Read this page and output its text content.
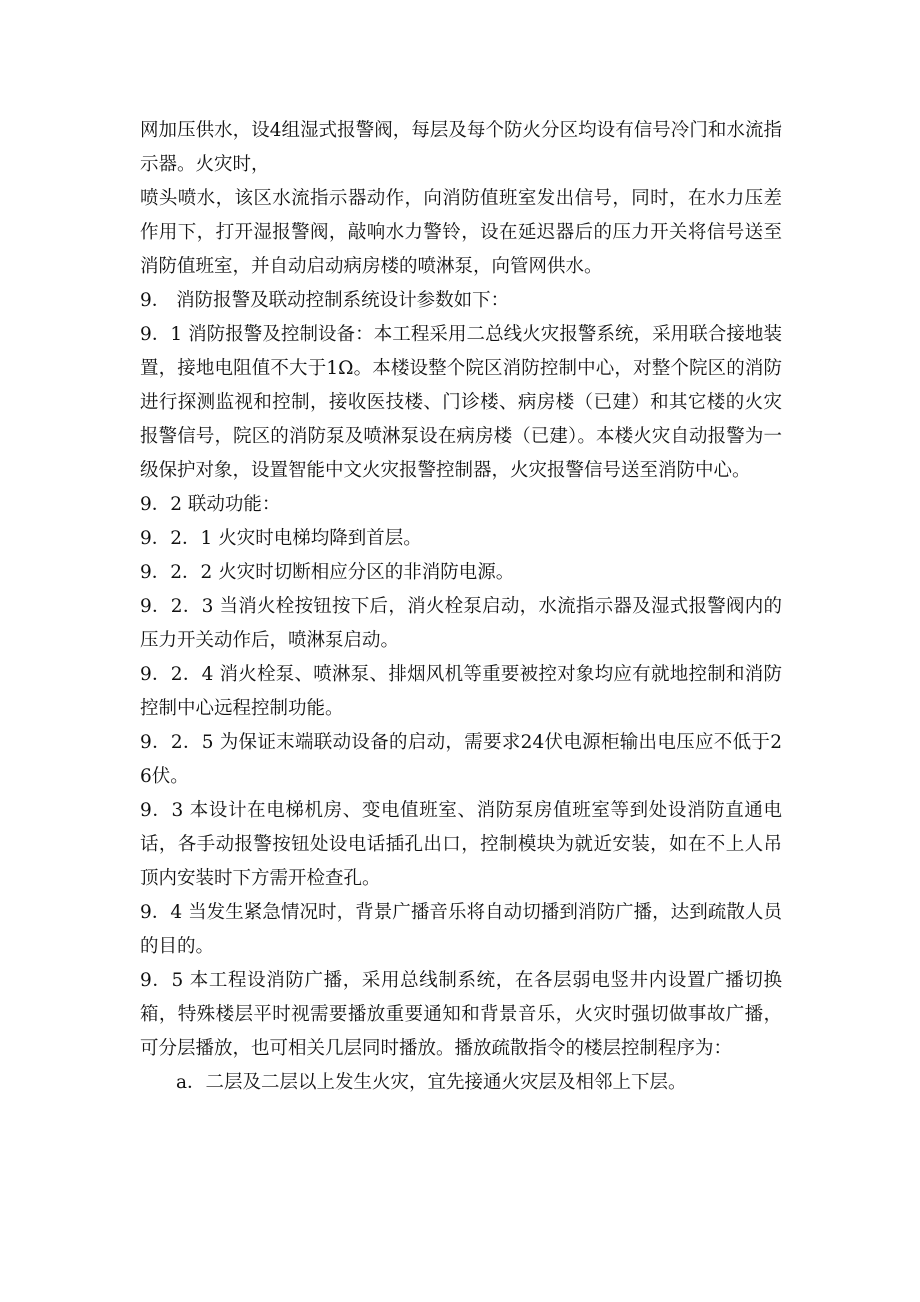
网加压供水，设4组湿式报警阀，每层及每个防火分区均设有信号冷门和水流指示器。火灾时，

喷头喷水，该区水流指示器动作，向消防值班室发出信号，同时，在水力压差作用下，打开湿报警阀，敲响水力警铃，设在延迟器后的压力开关将信号送至消防值班室，并自动启动病房楼的喷淋泵，向管网供水。

9． 消防报警及联动控制系统设计参数如下：

9．1 消防报警及控制设备：本工程采用二总线火灾报警系统，采用联合接地装置，接地电阻值不大于1Ω。本楼设整个院区消防控制中心，对整个院区的消防进行探测监视和控制，接收医技楼、门诊楼、病房楼（已建）和其它楼的火灾报警信号，院区的消防泵及喷淋泵设在病房楼（已建）。本楼火灾自动报警为一级保护对象，设置智能中文火灾报警控制器，火灾报警信号送至消防中心。

9．2 联动功能：

9．2．1 火灾时电梯均降到首层。

9．2．2 火灾时切断相应分区的非消防电源。

9．2．3 当消火栓按钮按下后，消火栓泵启动，水流指示器及湿式报警阀内的压力开关动作后，喷淋泵启动。

9．2．4 消火栓泵、喷淋泵、排烟风机等重要被控对象均应有就地控制和消防控制中心远程控制功能。

9．2．5 为保证末端联动设备的启动，需要求24伏电源柜输出电压应不低于26伏。

9．3 本设计在电梯机房、变电值班室、消防泵房值班室等到处设消防直通电话，各手动报警按钮处设电话插孔出口，控制模块为就近安装，如在不上人吊顶内安装时下方需开检查孔。

9．4 当发生紧急情况时，背景广播音乐将自动切播到消防广播，达到疏散人员的目的。

9．5 本工程设消防广播，采用总线制系统，在各层弱电竖井内设置广播切换箱，特殊楼层平时视需要播放重要通知和背景音乐，火灾时强切做事故广播，可分层播放，也可相关几层同时播放。播放疏散指令的楼层控制程序为：

a．二层及二层以上发生火灾，宜先接通火灾层及相邻上下层。
